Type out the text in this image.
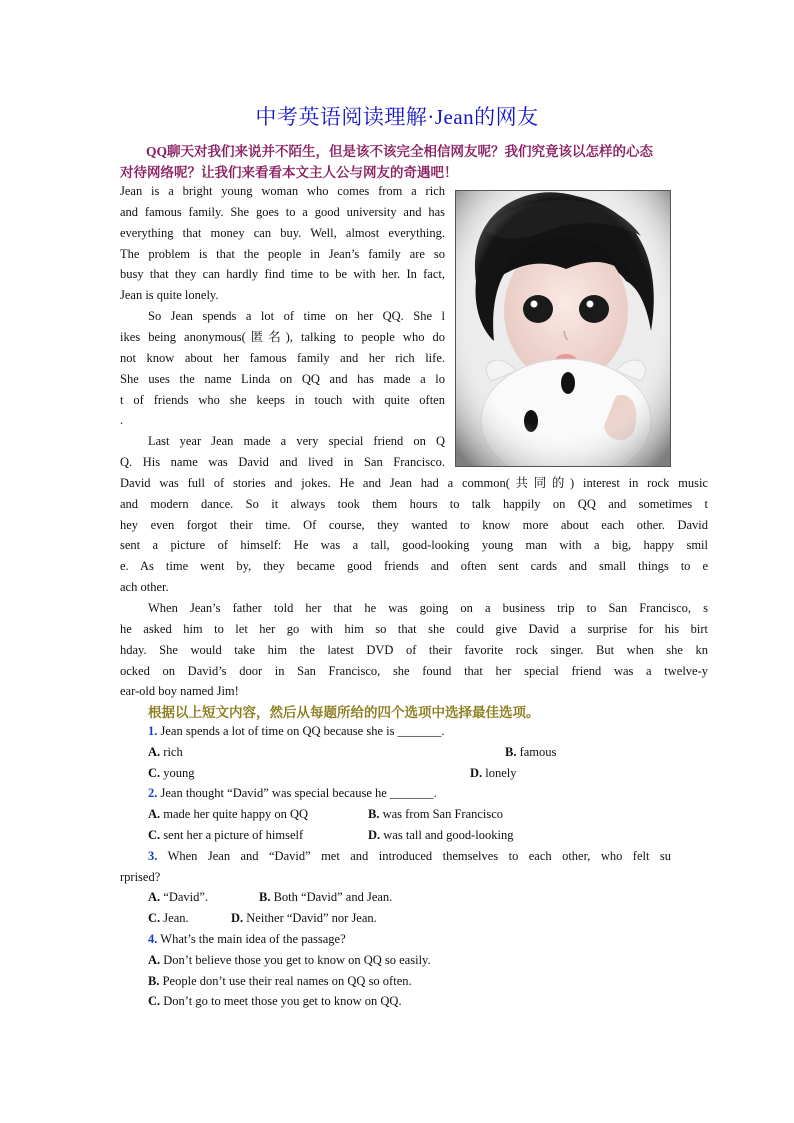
中考英语阅读理解·Jean的网友
QQ聊天对我们来说并不陌生，但是该不该完全相信网友呢？我们究竟该以怎样的心态
对待网络呢？让我们来看看本文主人公与网友的奇遇吧！
Jean is a bright young woman who comes from a rich
and famous family. She goes to a good university and has
everything that money can buy. Well, almost everything.
The problem is that the people in Jean’s family are so
busy that they can hardly find time to be with her. In fact,
Jean is quite lonely.
So Jean spends a lot of time on her QQ. She l
ikes being anonymous(匿名), talking to people who do
not know about her famous family and her rich life.
She uses the name Linda on QQ and has made a lo
t of friends who she keeps in touch with quite often
.
Last year Jean made a very special friend on Q
Q. His name was David and lived in San Francisco.
David was full of stories and jokes. He and Jean had a common(共同的) interest in rock music
and modern dance. So it always took them hours to talk happily on QQ and sometimes t
hey even forgot their time. Of course, they wanted to know more about each other. David
sent a picture of himself: He was a tall, good-looking young man with a big, happy smil
e. As time went by, they became good friends and often sent cards and small things to e
ach other.
When Jean’s father told her that he was going on a business trip to San Francisco, s
he asked him to let her go with him so that she could give David a surprise for his birt
hday. She would take him the latest DVD of their favorite rock singer. But when she kn
ocked on David’s door in San Francisco, she found that her special friend was a twelve-y
ear-old boy named Jim!
根据以上短文内容，然后从每题所给的四个选项中选择最佳选项。
1. Jean spends a lot of time on QQ because she is _______.
A. rich	B. famous
C. young	D. lonely
2. Jean thought “David” was special because he _______.
A. made her quite happy on QQ	B. was from San Francisco
C. sent her a picture of himself	D. was tall and good-looking
3. When Jean and “David” met and introduced themselves to each other, who felt su
rprised?
A. “David”.	B. Both “David” and Jean.
C. Jean.	D. Neither “David” nor Jean.
4. What’s the main idea of the passage?
A. Don’t believe those you get to know on QQ so easily.
B. People don’t use their real names on QQ so often.
C. Don’t go to meet those you get to know on QQ.
